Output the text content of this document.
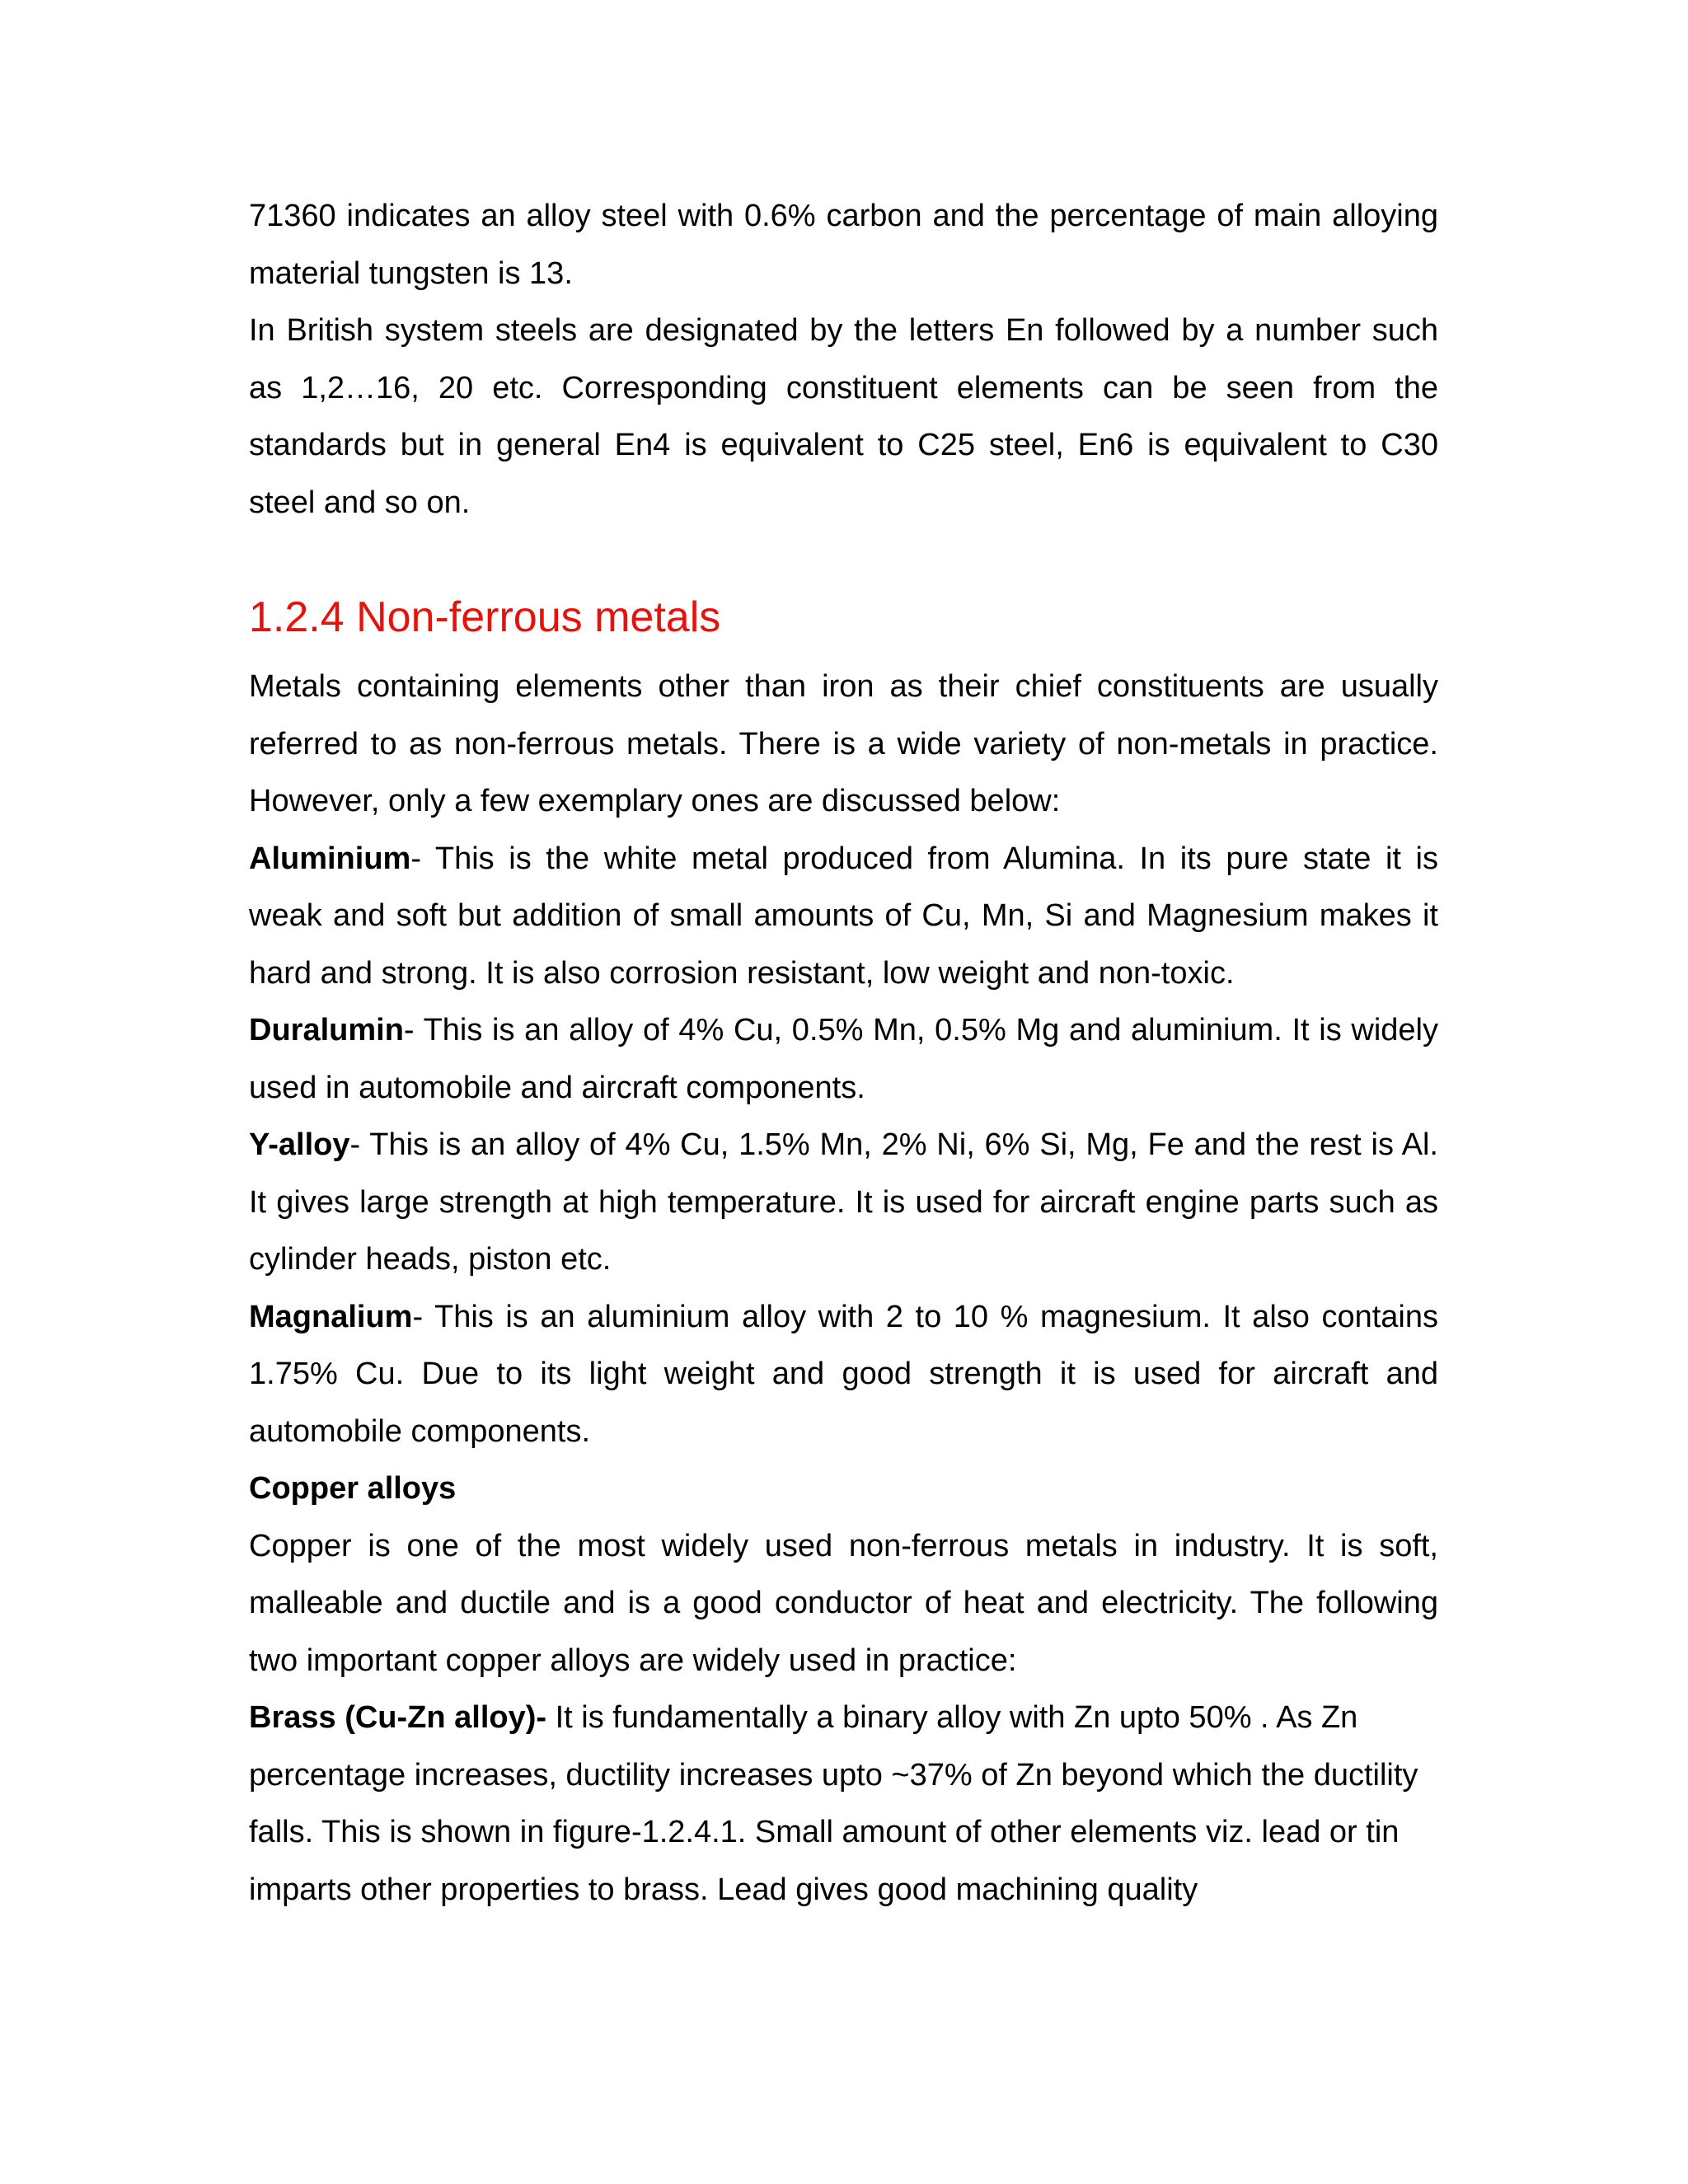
71360 indicates an alloy steel with 0.6% carbon and the percentage of main alloying material tungsten is 13.

In British system steels are designated by the letters En followed by a number such as 1,2…16, 20 etc. Corresponding constituent elements can be seen from the standards but in general En4 is equivalent to C25 steel, En6 is equivalent to C30 steel and so on.

1.2.4 Non-ferrous metals

Metals containing elements other than iron as their chief constituents are usually referred to as non-ferrous metals. There is a wide variety of non-metals in practice. However, only a few exemplary ones are discussed below:

Aluminium- This is the white metal produced from Alumina. In its pure state it is weak and soft but addition of small amounts of Cu, Mn, Si and Magnesium makes it hard and strong. It is also corrosion resistant, low weight and non-toxic.

Duralumin- This is an alloy of 4% Cu, 0.5% Mn, 0.5% Mg and aluminium. It is widely used in automobile and aircraft components.

Y-alloy- This is an alloy of 4% Cu, 1.5% Mn, 2% Ni, 6% Si, Mg, Fe and the rest is Al. It gives large strength at high temperature. It is used for aircraft engine parts such as cylinder heads, piston etc.

Magnalium- This is an aluminium alloy with 2 to 10 % magnesium. It also contains 1.75% Cu. Due to its light weight and good strength it is used for aircraft and automobile components.

Copper alloys

Copper is one of the most widely used non-ferrous metals in industry. It is soft, malleable and ductile and is a good conductor of heat and electricity. The following two important copper alloys are widely used in practice:

Brass (Cu-Zn alloy)- It is fundamentally a binary alloy with Zn upto 50% . As Zn percentage increases, ductility increases upto ~37% of Zn beyond which the ductility falls. This is shown in figure-1.2.4.1. Small amount of other elements viz. lead or tin imparts other properties to brass. Lead gives good machining quality
